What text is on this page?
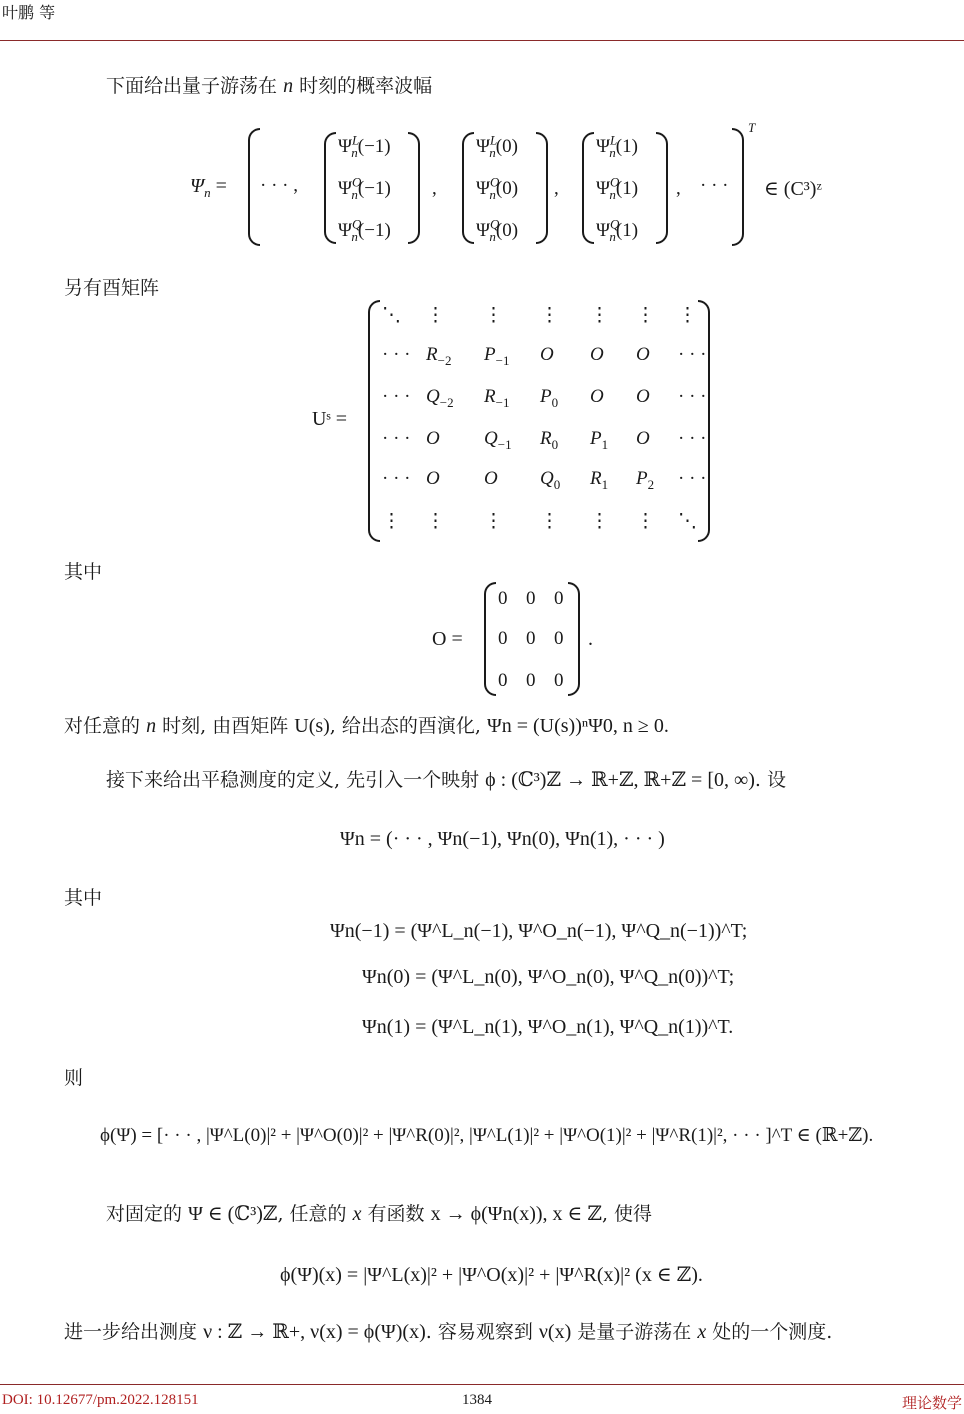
叶鹏 等
下面给出量子游荡在 n 时刻的概率波幅
$\Psi_n$ = · · · ,
$\Psi^L_n(-1)$
$\Psi^O_n(-1)$
$\Psi^Q_n(-1)$
,
$\Psi^L_n(0)$
$\Psi^O_n(0)$
$\Psi^Q_n(0)$
,
$\Psi^L_n(1)$
$\Psi^O_n(1)$
$\Psi^Q_n(1)$
, · · ·
T
∈ (C³)ᶻ
另有酉矩阵
Uˢ =
⋱ ⋮ ⋮ ⋮ ⋮ ⋮ ⋮
· · · $R_{-2}$ $P_{-1}$ O O O · · ·
· · · $Q_{-2}$ $R_{-1}$ $P_0$ O O · · ·
· · · O $Q_{-1}$ $R_0$ $P_1$ O · · ·
· · · O O $Q_0$ $R_1$ $P_2$ · · ·
⋮ ⋮ ⋮ ⋮ ⋮ ⋮ ⋱
其中
O =
0 0 0
0 0 0
0 0 0
.
对任意的 n 时刻, 由酉矩阵 U(s), 给出态的酉演化, Ψn = (U(s))ⁿΨ0, n ≥ 0.
接下来给出平稳测度的定义, 先引入一个映射 ϕ : (ℂ³)ℤ → ℝ+ℤ, ℝ+ℤ = [0, ∞). 设
Ψn = (· · · , Ψn(−1), Ψn(0), Ψn(1), · · · )
其中
Ψn(−1) = (Ψ^L_n(−1), Ψ^O_n(−1), Ψ^Q_n(−1))^T;
Ψn(0) = (Ψ^L_n(0), Ψ^O_n(0), Ψ^Q_n(0))^T;
Ψn(1) = (Ψ^L_n(1), Ψ^O_n(1), Ψ^Q_n(1))^T.
则
ϕ(Ψ) = [· · · , |Ψ^L(0)|² + |Ψ^O(0)|² + |Ψ^R(0)|², |Ψ^L(1)|² + |Ψ^O(1)|² + |Ψ^R(1)|², · · · ]^T ∈ (ℝ+ℤ).
对固定的 Ψ ∈ (ℂ³)ℤ, 任意的 x 有函数 x → ϕ(Ψn(x)), x ∈ ℤ, 使得
ϕ(Ψ)(x) = |Ψ^L(x)|² + |Ψ^O(x)|² + |Ψ^R(x)|² (x ∈ ℤ).
进一步给出测度 ν : ℤ → ℝ+, ν(x) = ϕ(Ψ)(x). 容易观察到 ν(x) 是量子游荡在 x 处的一个测度.
DOI: 10.12677/pm.2022.128151	1384	理论数学
